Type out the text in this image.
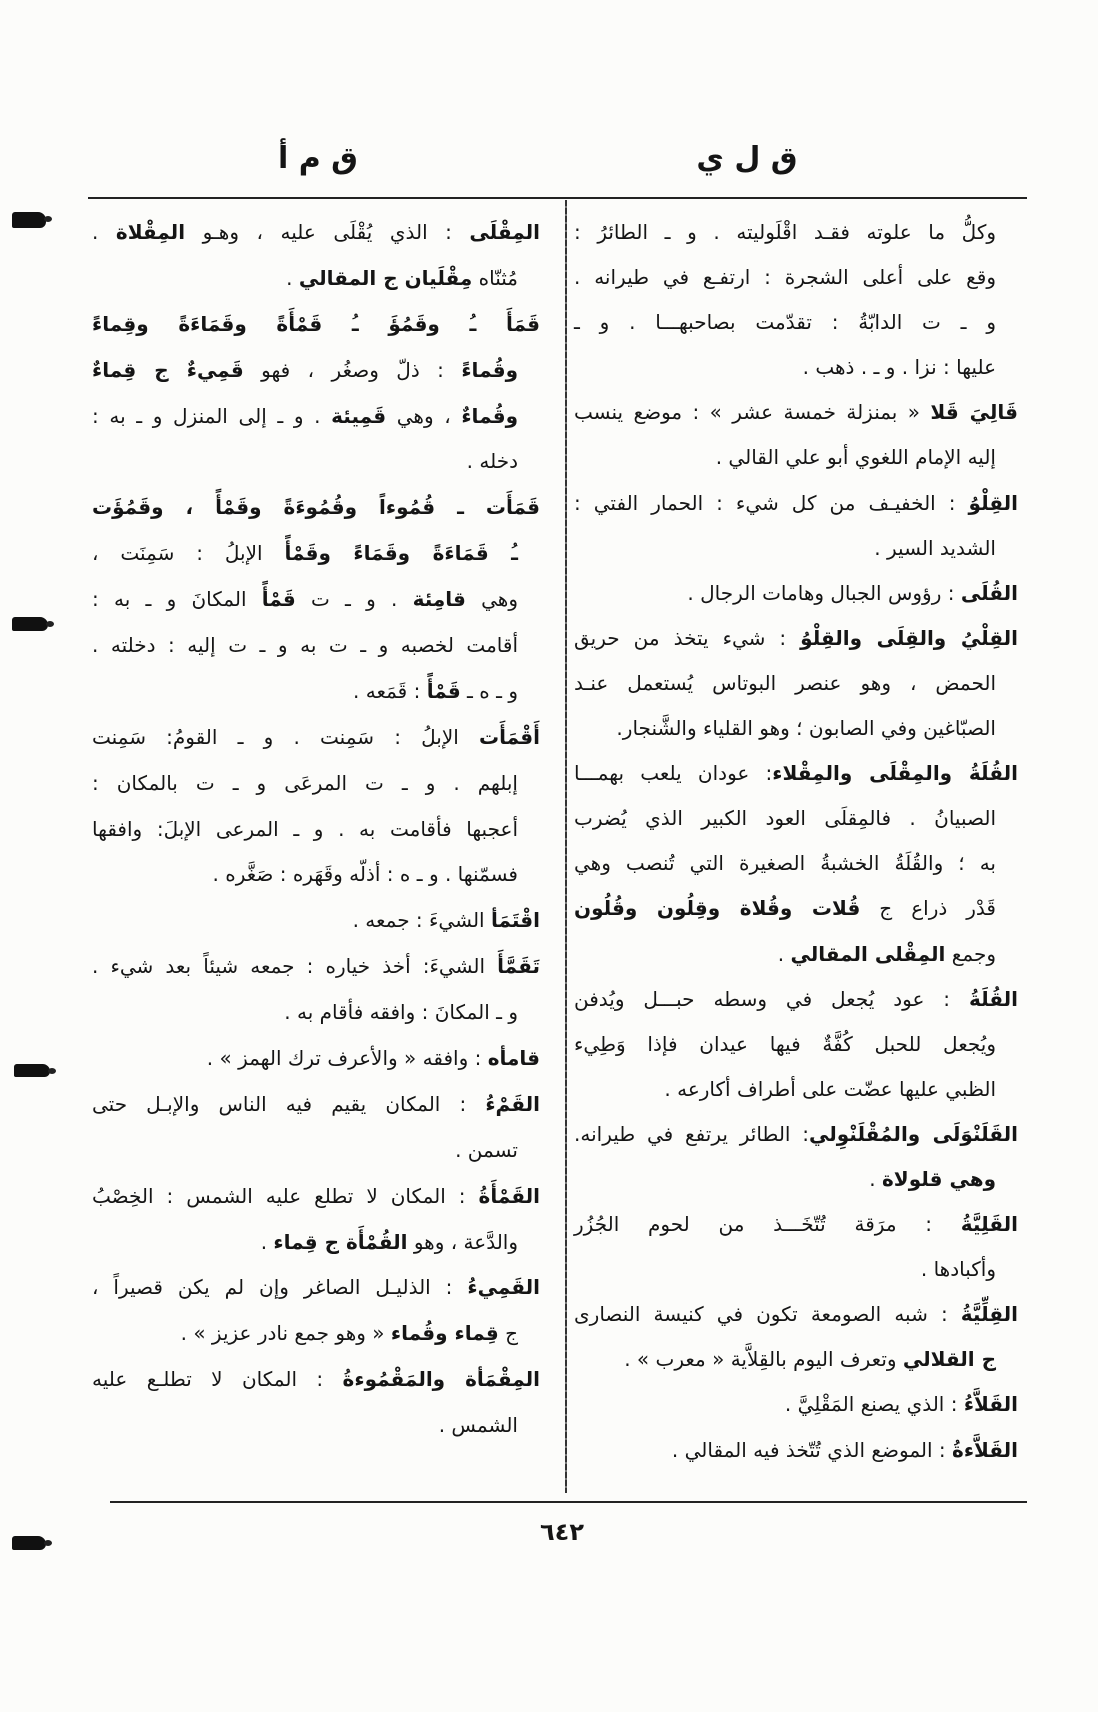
ق ل ي
ق م أ
وكلُّ ما علوته فقـد اقْلَوليته . و ـ الطائرُ :
وقع على أعلى الشجرة : ارتفـع في طيرانه .
و ـ ت الدابّةُ : تقدّمت بصاحبهـــا . و ـ
عليها : نزا . و ـ . ذهب .
قَالِيَ قَلا « بمنزلة خمسة عشر » : موضع ينسب
إليه الإمام اللغوي أبو علي القالي .
القِلْوُ : الخفيـف من كل شيء : الحمار الفتي :
الشديد السير .
القُلَى : رؤوس الجبال وهامات الرجال .
القِلْيُ والقِلَى والقِلْوُ : شيء يتخذ من حريق
الحمض ، وهو عنصر البوتاس يُستعمل عنـد
الصبّاغين وفي الصابون ؛ وهو القلياء والشَّنجار.
القُلَةُ والمِقْلَى والمِقْلاء: عودان يلعب بهمـــا
الصبيانُ . فالمِقلَى العود الكبير الذي يُضرب
به ؛ والقُلَةُ الخشبةُ الصغيرة التي تُنصب وهي
قَدْر ذراع ج قُلات وقُلاة وقِلُون وقُلُون
وجمع المِقْلى المقالي .
القُلَةُ : عود يُجعل في وسطه حبـــل ويُدفن
ويُجعل للحبل كُفَّةٌ فيها عيدان فإذا وَطِيء
الظبي عليها عضّت على أطراف أكارعه .
القَلَنْوَلَى والمُقْلَنْوِلي: الطائر يرتفع في طيرانه.
وهي قلولاة .
القَلِيَّةُ : مرَقة تُتّخَـــذ من لحوم الجُزُر
وأكبادها .
القِلِّيَّةُ : شبه الصومعة تكون في كنيسة النصارى
ج القلالي وتعرف اليوم بالقِلاَّية « معرب » .
القَلاَّءُ : الذي يصنع المَقْلِيَّ .
القَلاَّءةُ : الموضع الذي تُتّخذ فيه المقالي .
المِقْلَى : الذي يُقْلَى عليه ، وهـو المِقْلاة .
مُثنّاه مِقْلَيان ج المقالي .
قَمَأَ ـُ وقَمُؤَ ـُ قَمْأَةً وقَمَاءَةً وقِماءً
وقُماءً : ذلّ وصغُر ، فهو قَمِيءٌ ج قِماءٌ
وقُماءٌ ، وهي قَمِيئة . و ـ إلى المنزل و ـ به :
دخله .
قَمَأَت ـ قُمُوءاً وقُمُوءَةً وقَمْأً ، وقَمُؤَت
ـُ قَمَاءَةً وقَمَاءً وقَمْأً الإبلُ : سَمِنَت ،
وهي قامِئة . و ـ ت قَمْأً المكانَ و ـ به :
أقامت لخصبه و ـ ت به و ـ ت إليه : دخلته .
و ـ ه ـ قَمْأً : قَمَعه .
أَقْمَأَت الإبلُ : سَمِنت . و ـ القومُ: سَمِنت
إبلهم . و ـ ت المرعَى و ـ ت بالمكان :
أعجبها فأقامت به . و ـ المرعى الإبلَ: وافقها
فسمّنها . و ـ ه : أذلّه وقَهَره : صَغَّره .
اقْتَمَأ الشيءَ : جمعه .
تَقَمَّأَ الشيءَ: أخذ خياره : جمعه شيئاً بعد شيء .
و ـ المكانَ : وافقه فأقام به .
قامأه : وافقه « والأعرف ترك الهمز » .
القَمْءُ : المكان يقيم فيه الناس والإبـل حتى
تسمن .
القَمْأَةُ : المكان لا تطلع عليه الشمس : الخِصْبُ
والدَّعة ، وهو القُمْأَة ج قِماء .
القَمِيءُ : الذليـل الصاغر وإن لم يكن قصيراً ،
ج قِماء وقُماء « وهو جمع نادر عزيز » .
المِقْمَأة والمَقْمُوءةُ : المكان لا تطلـع عليه
الشمس .
٦٤٢
